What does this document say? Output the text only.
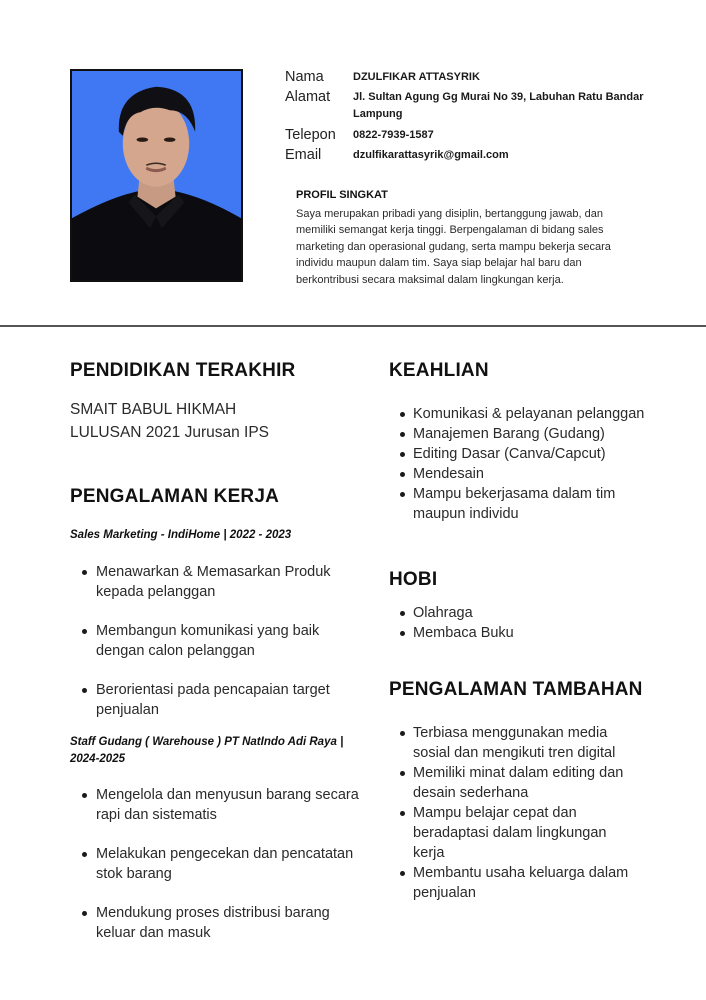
Nama	DZULFIKAR ATTASYRIK
Alamat	Jl. Sultan Agung Gg Murai No 39, Labuhan Ratu Bandar Lampung
Telepon	0822-7939-1587
Email	dzulfikarattasyrik@gmail.com
PROFIL SINGKAT
Saya merupakan pribadi yang disiplin, bertanggung jawab, dan memiliki semangat kerja tinggi. Berpengalaman di bidang sales marketing dan operasional gudang, serta mampu bekerja secara individu maupun dalam tim. Saya siap belajar hal baru dan berkontribusi secara maksimal dalam lingkungan kerja.
PENDIDIKAN TERAKHIR
SMAIT BABUL HIKMAH
LULUSAN 2021 Jurusan IPS
PENGALAMAN KERJA
Sales Marketing - IndiHome | 2022 - 2023
Menawarkan & Memasarkan Produk kepada pelanggan
Membangun komunikasi yang baik dengan calon pelanggan
Berorientasi pada pencapaian target penjualan
Staff Gudang ( Warehouse ) PT NatIndo Adi Raya | 2024-2025
Mengelola dan menyusun barang secara rapi dan sistematis
Melakukan pengecekan dan pencatatan stok barang
Mendukung proses distribusi barang keluar dan masuk
KEAHLIAN
Komunikasi & pelayanan pelanggan
Manajemen Barang (Gudang)
Editing Dasar (Canva/Capcut)
Mendesain
Mampu bekerjasama dalam tim maupun individu
HOBI
Olahraga
Membaca Buku
PENGALAMAN TAMBAHAN
Terbiasa menggunakan media sosial dan mengikuti tren digital
Memiliki minat dalam editing dan desain sederhana
Mampu belajar cepat dan beradaptasi dalam lingkungan kerja
Membantu usaha keluarga dalam penjualan
